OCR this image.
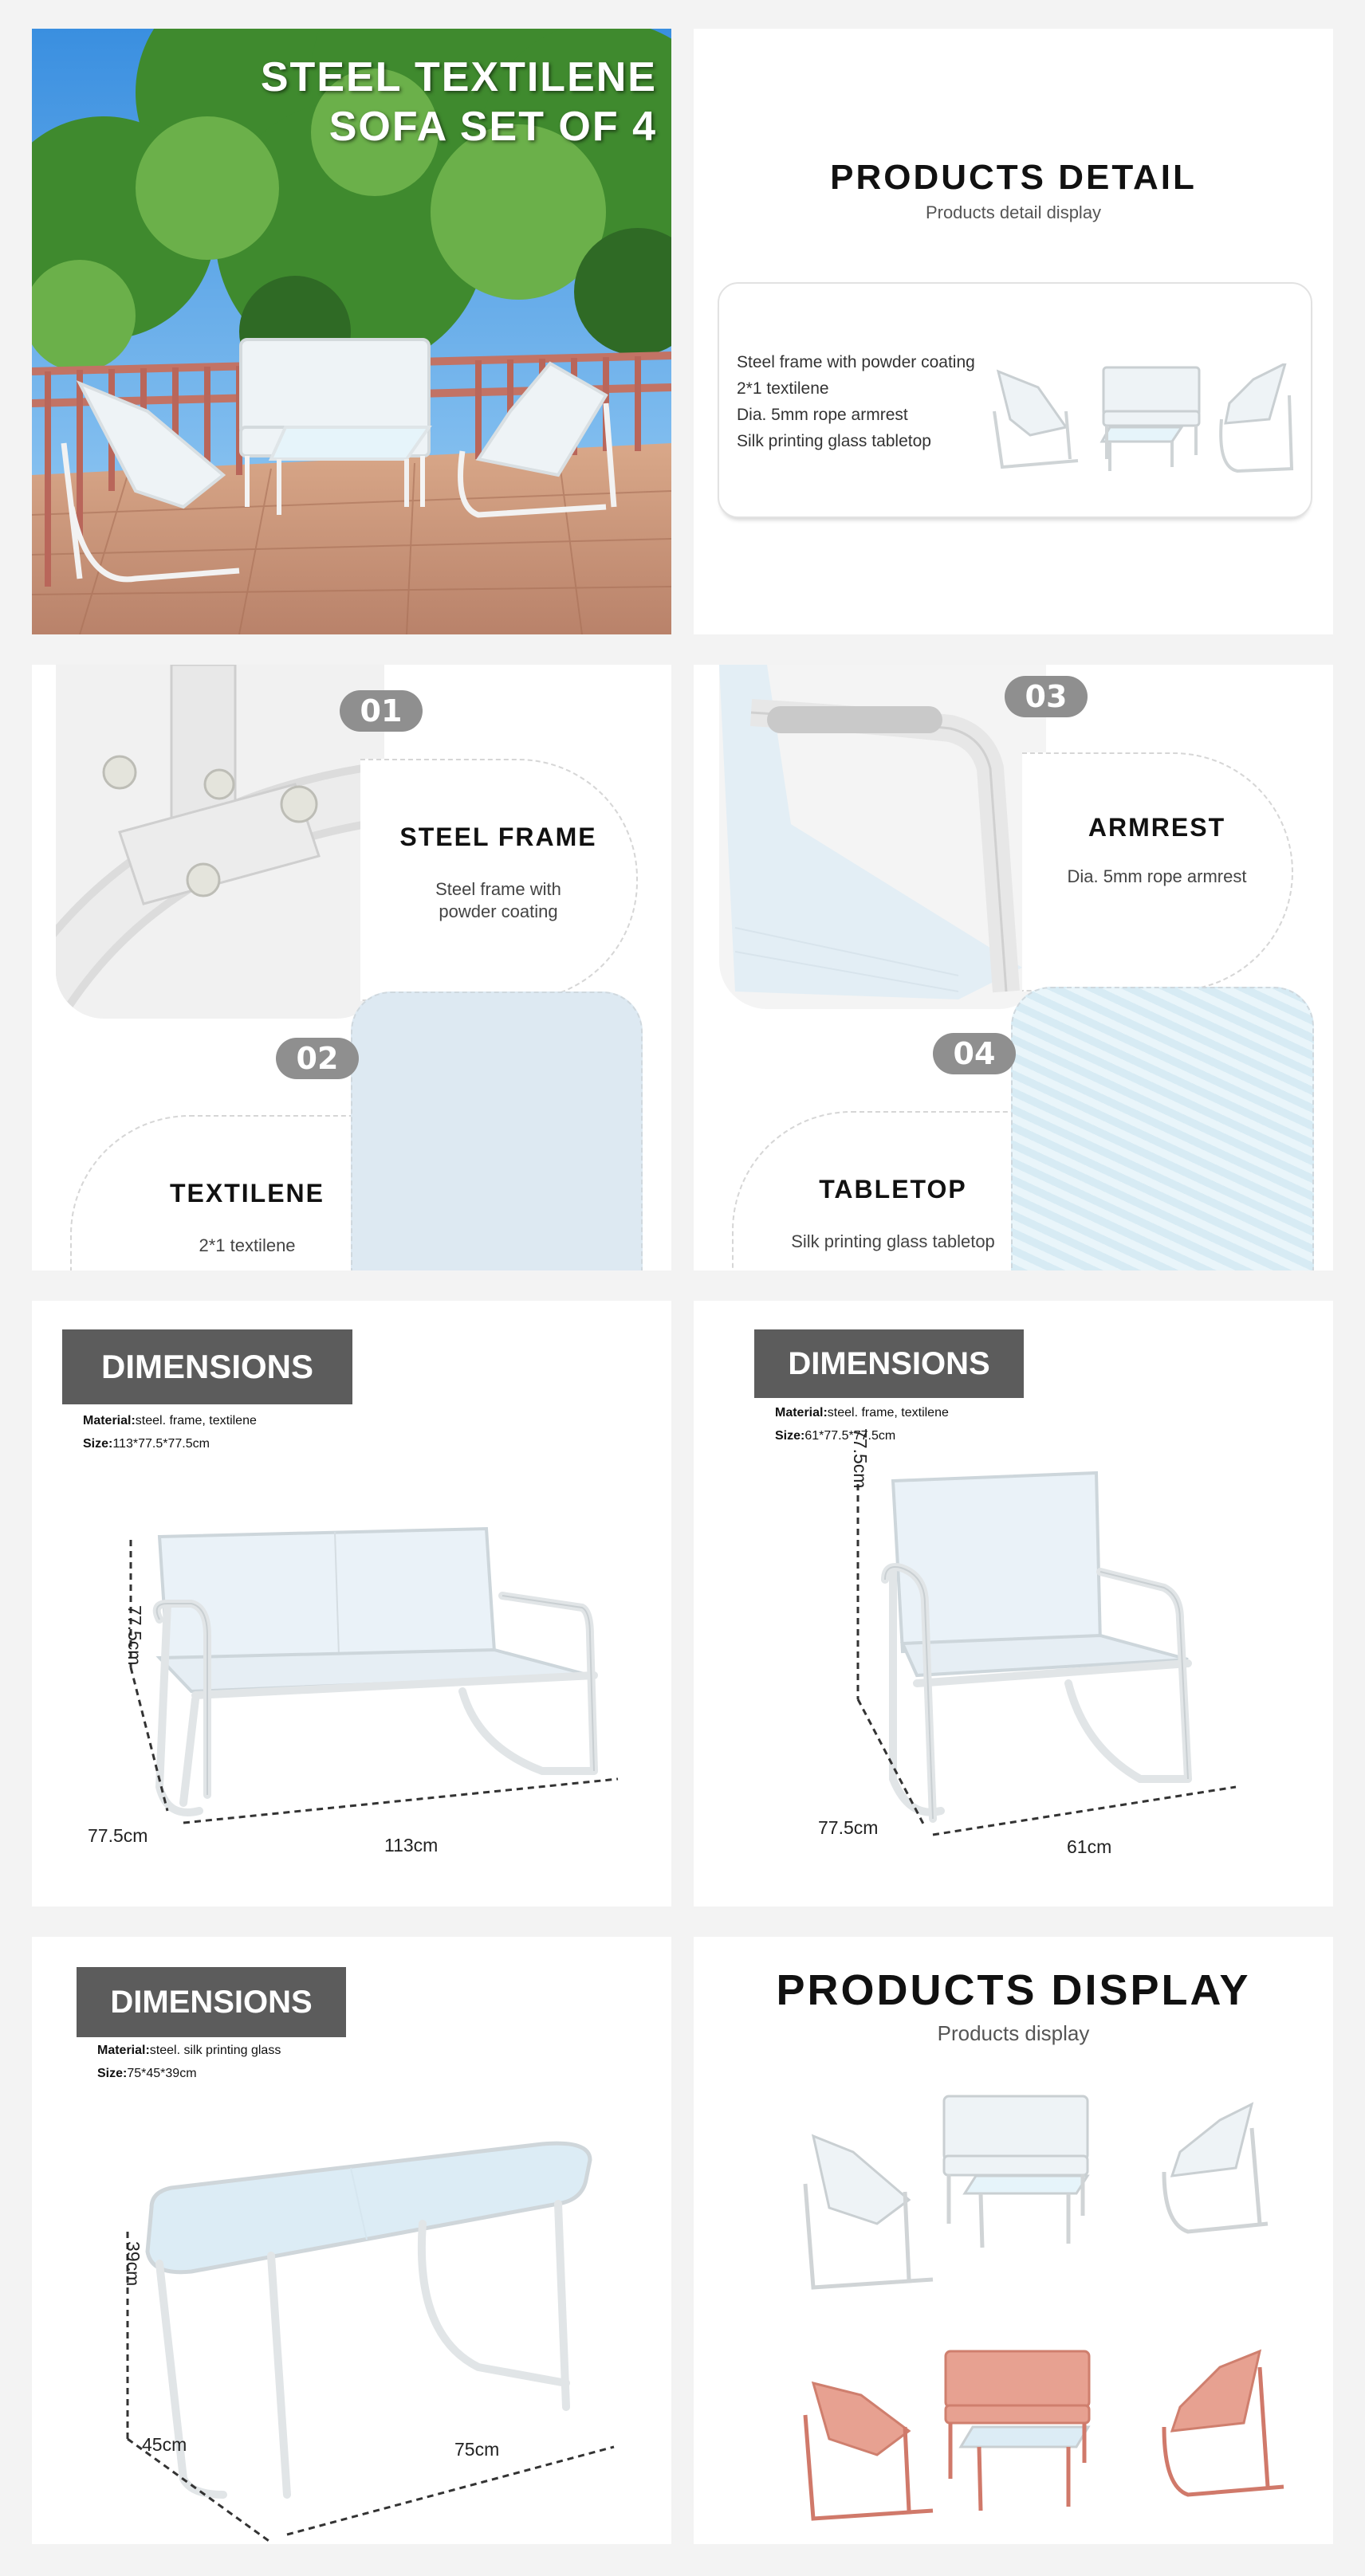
STEEL TEXTILENE
SOFA SET OF 4
PRODUCTS DETAIL
Products detail display
Steel frame with powder coating
2*1 textilene
Dia. 5mm rope armrest
Silk printing glass tabletop
01
STEEL FRAME
Steel frame with
powder coating
TEXTILENE
2*1 textilene
02
03
ARMREST
Dia. 5mm rope armrest
TABLETOP
Silk printing glass tabletop
04
DIMENSIONS
Material:steel. frame, textilene
Size:113*77.5*77.5cm
77.5cm
77.5cm	113cm
DIMENSIONS
Material:steel. frame, textilene
Size:61*77.5*77.5cm
77.5cm
77.5cm
61cm
DIMENSIONS
Material:steel. silk printing glass
Size:75*45*39cm
39cm
45cm	75cm
PRODUCTS DISPLAY
Products display
